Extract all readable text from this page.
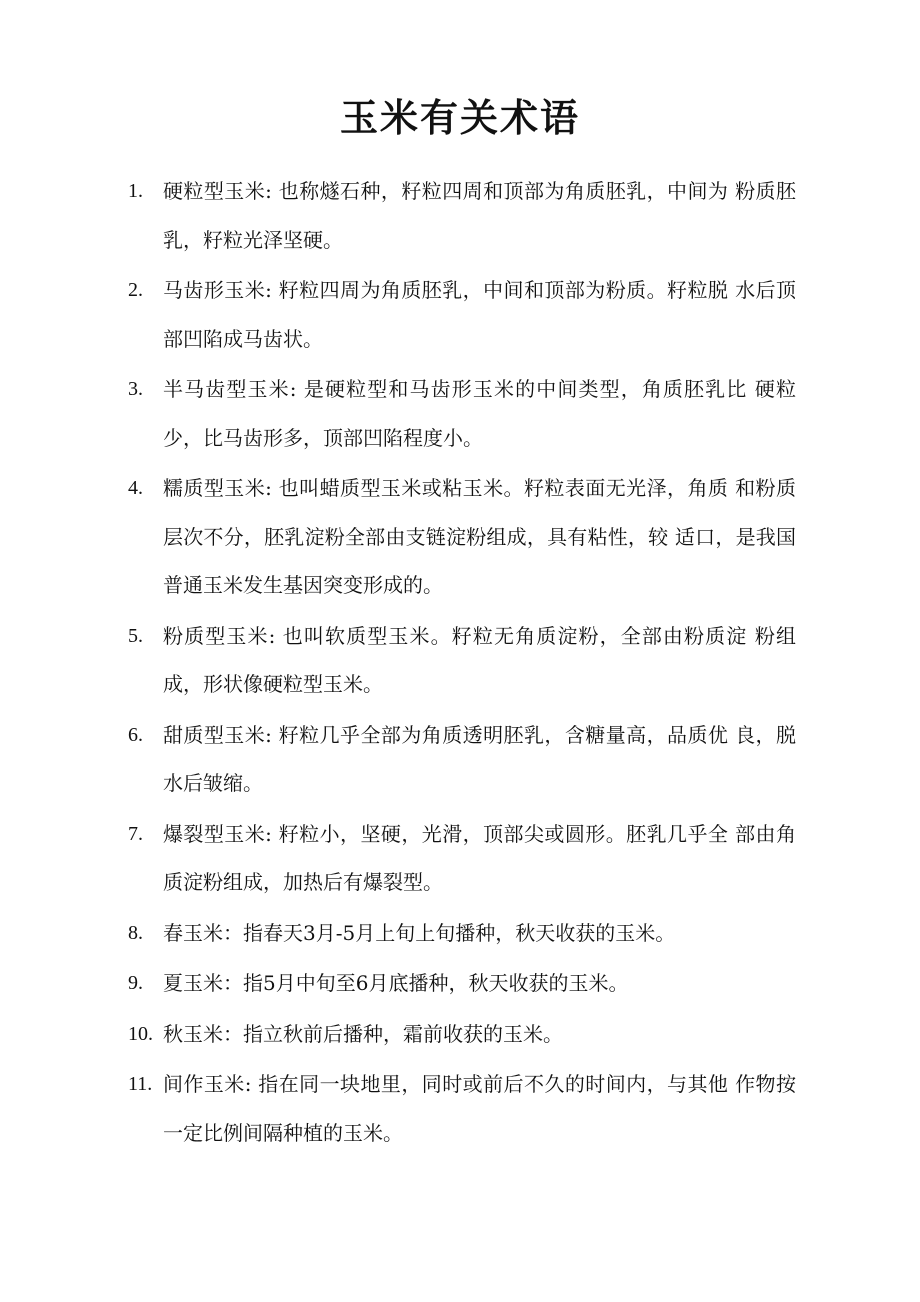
玉米有关术语
1.	硬粒型玉米: 也称燧石种，籽粒四周和顶部为角质胚乳，中间为 粉质胚乳，籽粒光泽坚硬。
2.	马齿形玉米: 籽粒四周为角质胚乳，中间和顶部为粉质。籽粒脱 水后顶部凹陷成马齿状。
3.	半马齿型玉米: 是硬粒型和马齿形玉米的中间类型，角质胚乳比 硬粒少，比马齿形多，顶部凹陷程度小。
4.	糯质型玉米: 也叫蜡质型玉米或粘玉米。籽粒表面无光泽，角质 和粉质层次不分，胚乳淀粉全部由支链淀粉组成，具有粘性，较 适口，是我国普通玉米发生基因突变形成的。
5.	粉质型玉米: 也叫软质型玉米。籽粒无角质淀粉，全部由粉质淀 粉组成，形状像硬粒型玉米。
6.	甜质型玉米: 籽粒几乎全部为角质透明胚乳，含糖量高，品质优 良，脱水后皱缩。
7.	爆裂型玉米: 籽粒小，坚硬，光滑，顶部尖或圆形。胚乳几乎全 部由角质淀粉组成，加热后有爆裂型。
8.	春玉米：指春天3月-5月上旬上旬播种，秋天收获的玉米。
9.	夏玉米：指5月中旬至6月底播种，秋天收获的玉米。
10. 秋玉米：指立秋前后播种，霜前收获的玉米。
11. 间作玉米: 指在同一块地里，同时或前后不久的时间内，与其他 作物按一定比例间隔种植的玉米。
